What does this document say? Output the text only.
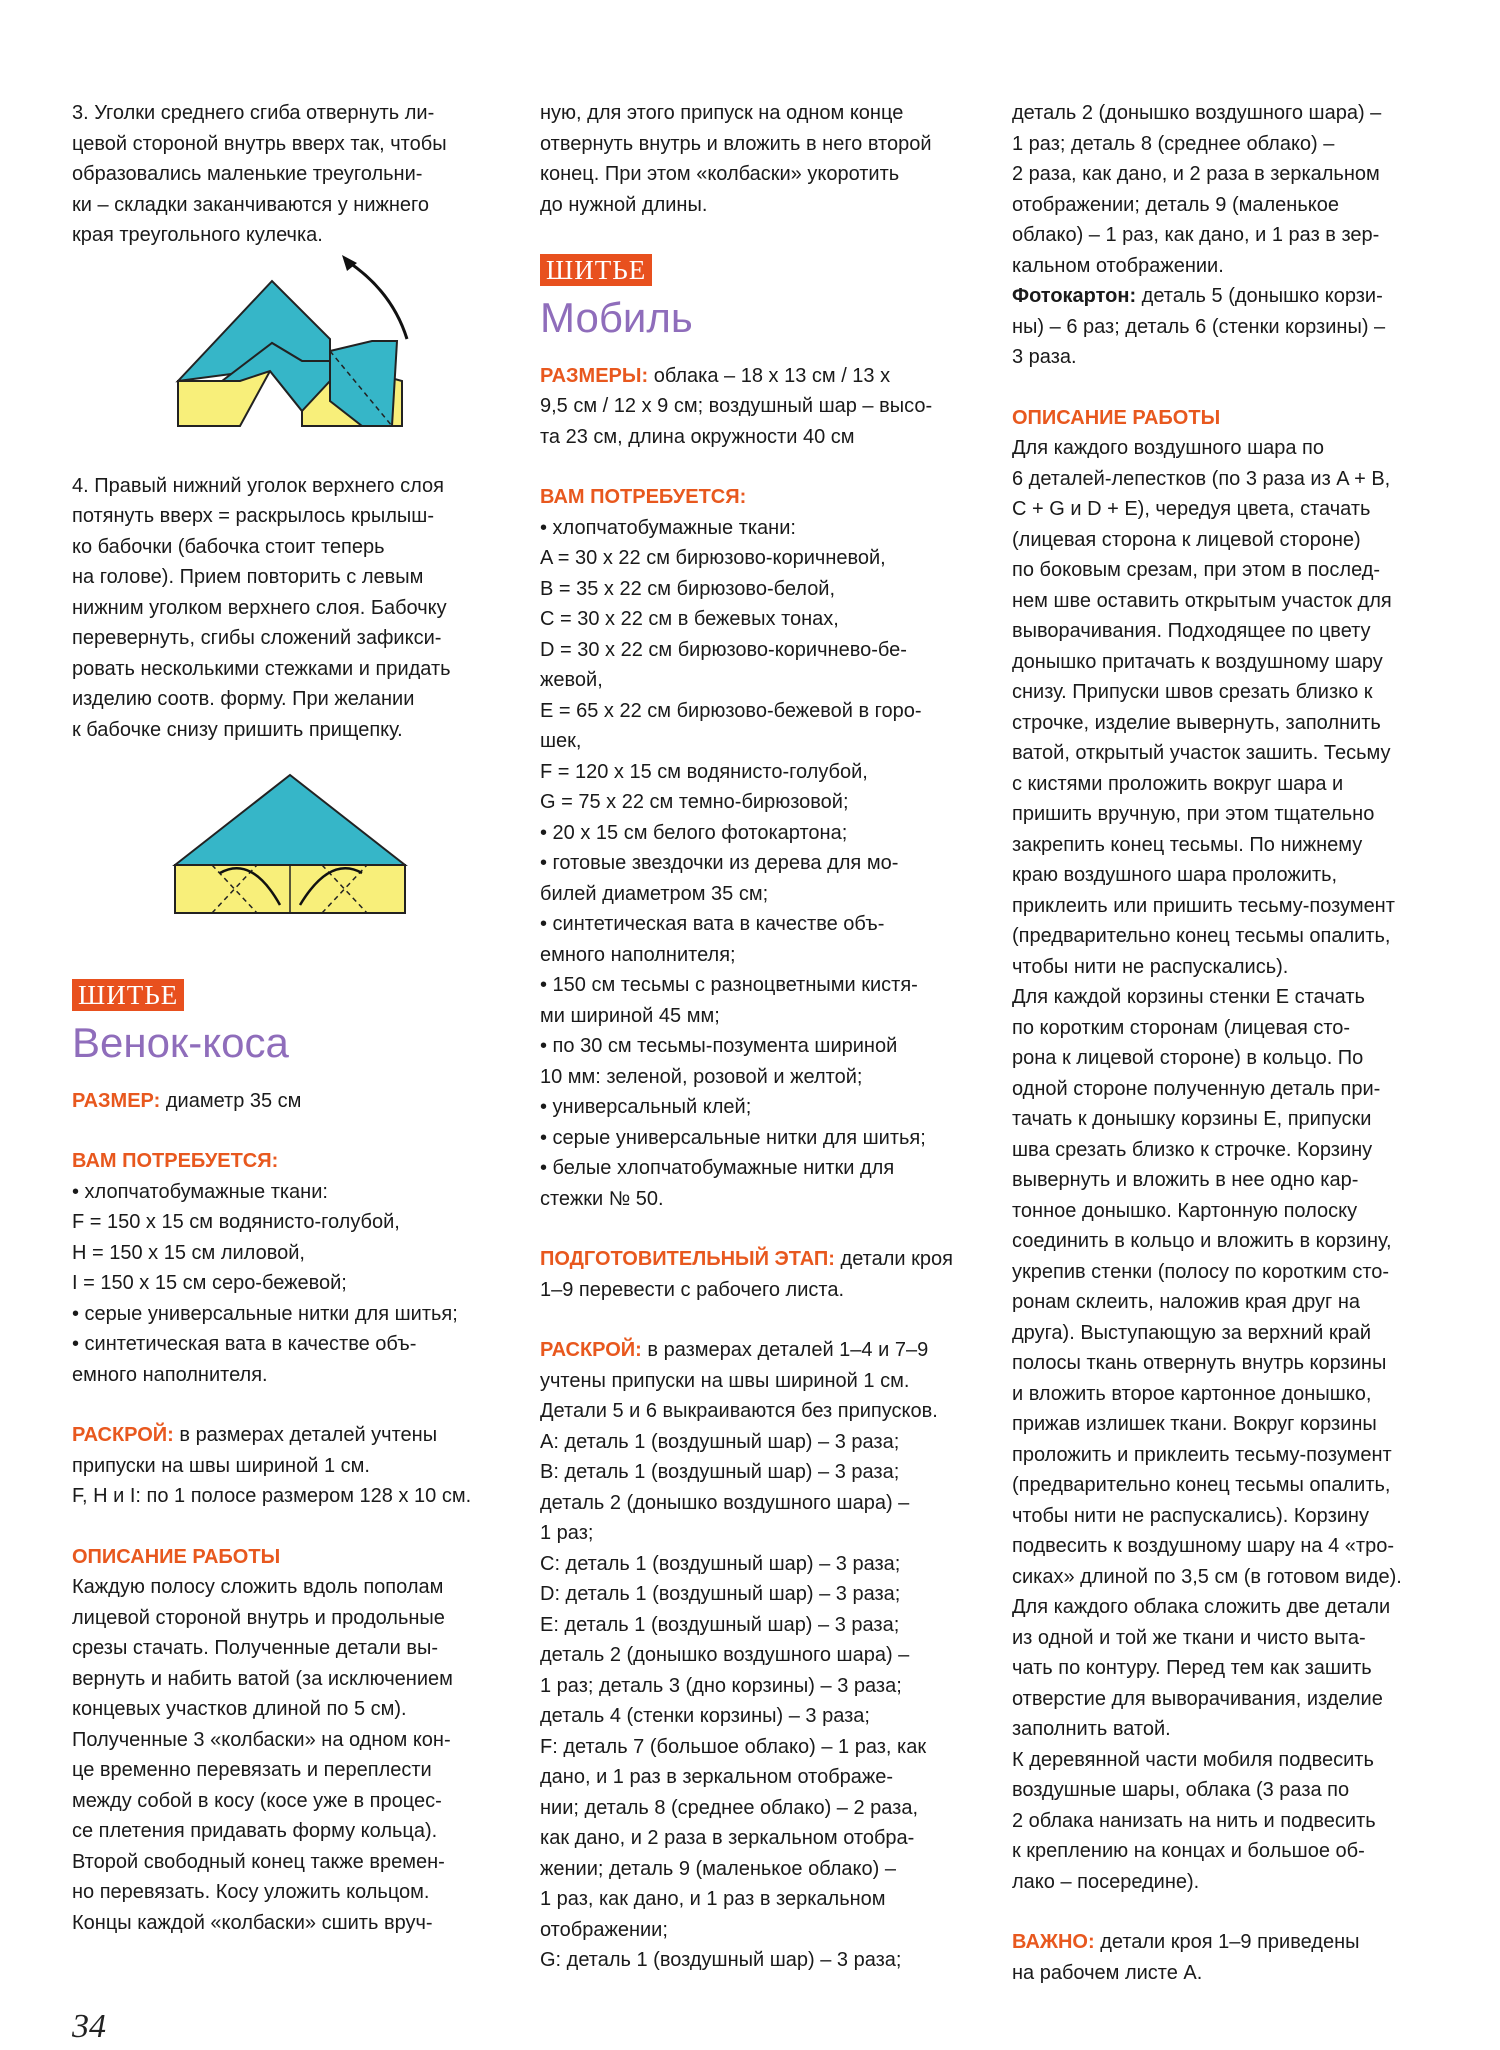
3. Уголки среднего сгиба отвернуть ли-

цевой стороной внутрь вверх так, чтобы

образовались маленькие треугольни-

ки – складки заканчиваются у нижнего

края треугольного кулечка.

4. Правый нижний уголок верхнего слоя

потянуть вверх = раскрылось крылыш-

ко бабочки (бабочка стоит теперь

на голове). Прием повторить с левым

нижним уголком верхнего слоя. Бабочку

перевернуть, сгибы сложений зафикси-

ровать несколькими стежками и придать

изделию соотв. форму. При желании

к бабочке снизу пришить прищепку.

ШИТЬЕ
Венок-коса

РАЗМЕР: диаметр 35 см

ВАМ ПОТРЕБУЕТСЯ:

• хлопчатобумажные ткани:

F = 150 x 15 см водянисто-голубой,

H = 150 x 15 см лиловой,

I = 150 x 15 см серо-бежевой;

• серые универсальные нитки для шитья;

• синтетическая вата в качестве объ-

емного наполнителя.

РАСКРОЙ: в размерах деталей учтены

припуски на швы шириной 1 см.

F, H и I: по 1 полосе размером 128 x 10 см.

ОПИСАНИЕ РАБОТЫ

Каждую полосу сложить вдоль пополам

лицевой стороной внутрь и продольные

срезы стачать. Полученные детали вы-

вернуть и набить ватой (за исключением

концевых участков длиной по 5 см).

Полученные 3 «колбаски» на одном кон-

це временно перевязать и переплести

между собой в косу (косе уже в процес-

се плетения придавать форму кольца).

Второй свободный конец также времен-

но перевязать. Косу уложить кольцом.

Концы каждой «колбаски» сшить вруч-

ную, для этого припуск на одном конце

отвернуть внутрь и вложить в него второй

конец. При этом «колбаски» укоротить

до нужной длины.

ШИТЬЕ
Мобиль

РАЗМЕРЫ: облака – 18 x 13 см / 13 x

9,5 см / 12 x 9 см; воздушный шар – высо-

та 23 см, длина окружности 40 см

ВАМ ПОТРЕБУЕТСЯ:

• хлопчатобумажные ткани:

A = 30 x 22 см бирюзово-коричневой,

B = 35 x 22 см бирюзово-белой,

C = 30 x 22 см в бежевых тонах,

D = 30 x 22 см бирюзово-коричнево-бе-

жевой,

E = 65 x 22 см бирюзово-бежевой в горо-

шек,

F = 120 x 15 см водянисто-голубой,

G = 75 x 22 см темно-бирюзовой;

• 20 x 15 см белого фотокартона;

• готовые звездочки из дерева для мо-

билей диаметром 35 см;

• синтетическая вата в качестве объ-

емного наполнителя;

• 150 см тесьмы с разноцветными кистя-

ми шириной 45 мм;

• по 30 см тесьмы-позумента шириной

10 мм: зеленой, розовой и желтой;

• универсальный клей;

• серые универсальные нитки для шитья;

• белые хлопчатобумажные нитки для

стежки № 50.

ПОДГОТОВИТЕЛЬНЫЙ ЭТАП: детали кроя

1–9 перевести с рабочего листа.

РАСКРОЙ: в размерах деталей 1–4 и 7–9

учтены припуски на швы шириной 1 см.

Детали 5 и 6 выкраиваются без припусков.

A: деталь 1 (воздушный шар) – 3 раза;

B: деталь 1 (воздушный шар) – 3 раза;

деталь 2 (донышко воздушного шара) –

1 раз;

C: деталь 1 (воздушный шар) – 3 раза;

D: деталь 1 (воздушный шар) – 3 раза;

E: деталь 1 (воздушный шар) – 3 раза;

деталь 2 (донышко воздушного шара) –

1 раз; деталь 3 (дно корзины) – 3 раза;

деталь 4 (стенки корзины) – 3 раза;

F: деталь 7 (большое облако) – 1 раз, как

дано, и 1 раз в зеркальном отображе-

нии; деталь 8 (среднее облако) – 2 раза,

как дано, и 2 раза в зеркальном отобра-

жении; деталь 9 (маленькое облако) –

1 раз, как дано, и 1 раз в зеркальном

отображении;

G: деталь 1 (воздушный шар) – 3 раза;

деталь 2 (донышко воздушного шара) –

1 раз; деталь 8 (среднее облако) –

2 раза, как дано, и 2 раза в зеркальном

отображении; деталь 9 (маленькое

облако) – 1 раз, как дано, и 1 раз в зер-

кальном отображении.

Фотокартон: деталь 5 (донышко корзи-

ны) – 6 раз; деталь 6 (стенки корзины) –

3 раза.

ОПИСАНИЕ РАБОТЫ

Для каждого воздушного шара по

6 деталей-лепестков (по 3 раза из A + B,

C + G и D + E), чередуя цвета, стачать

(лицевая сторона к лицевой стороне)

по боковым срезам, при этом в послед-

нем шве оставить открытым участок для

выворачивания. Подходящее по цвету

донышко притачать к воздушному шару

снизу. Припуски швов срезать близко к

строчке, изделие вывернуть, заполнить

ватой, открытый участок зашить. Тесьму

с кистями проложить вокруг шара и

пришить вручную, при этом тщательно

закрепить конец тесьмы. По нижнему

краю воздушного шара проложить,

приклеить или пришить тесьму-позумент

(предварительно конец тесьмы опалить,

чтобы нити не распускались).

Для каждой корзины стенки E стачать

по коротким сторонам (лицевая сто-

рона к лицевой стороне) в кольцо. По

одной стороне полученную деталь при-

тачать к донышку корзины E, припуски

шва срезать близко к строчке. Корзину

вывернуть и вложить в нее одно кар-

тонное донышко. Картонную полоску

соединить в кольцо и вложить в корзину,

укрепив стенки (полосу по коротким сто-

ронам склеить, наложив края друг на

друга). Выступающую за верхний край

полосы ткань отвернуть внутрь корзины

и вложить второе картонное донышко,

прижав излишек ткани. Вокруг корзины

проложить и приклеить тесьму-позумент

(предварительно конец тесьмы опалить,

чтобы нити не распускались). Корзину

подвесить к воздушному шару на 4 «тро-

сиках» длиной по 3,5 см (в готовом виде).

Для каждого облака сложить две детали

из одной и той же ткани и чисто выта-

чать по контуру. Перед тем как зашить

отверстие для выворачивания, изделие

заполнить ватой.

К деревянной части мобиля подвесить

воздушные шары, облака (3 раза по

2 облака нанизать на нить и подвесить

к креплению на концах и большое об-

лако – посередине).

ВАЖНО: детали кроя 1–9 приведены

на рабочем листе A.

34
